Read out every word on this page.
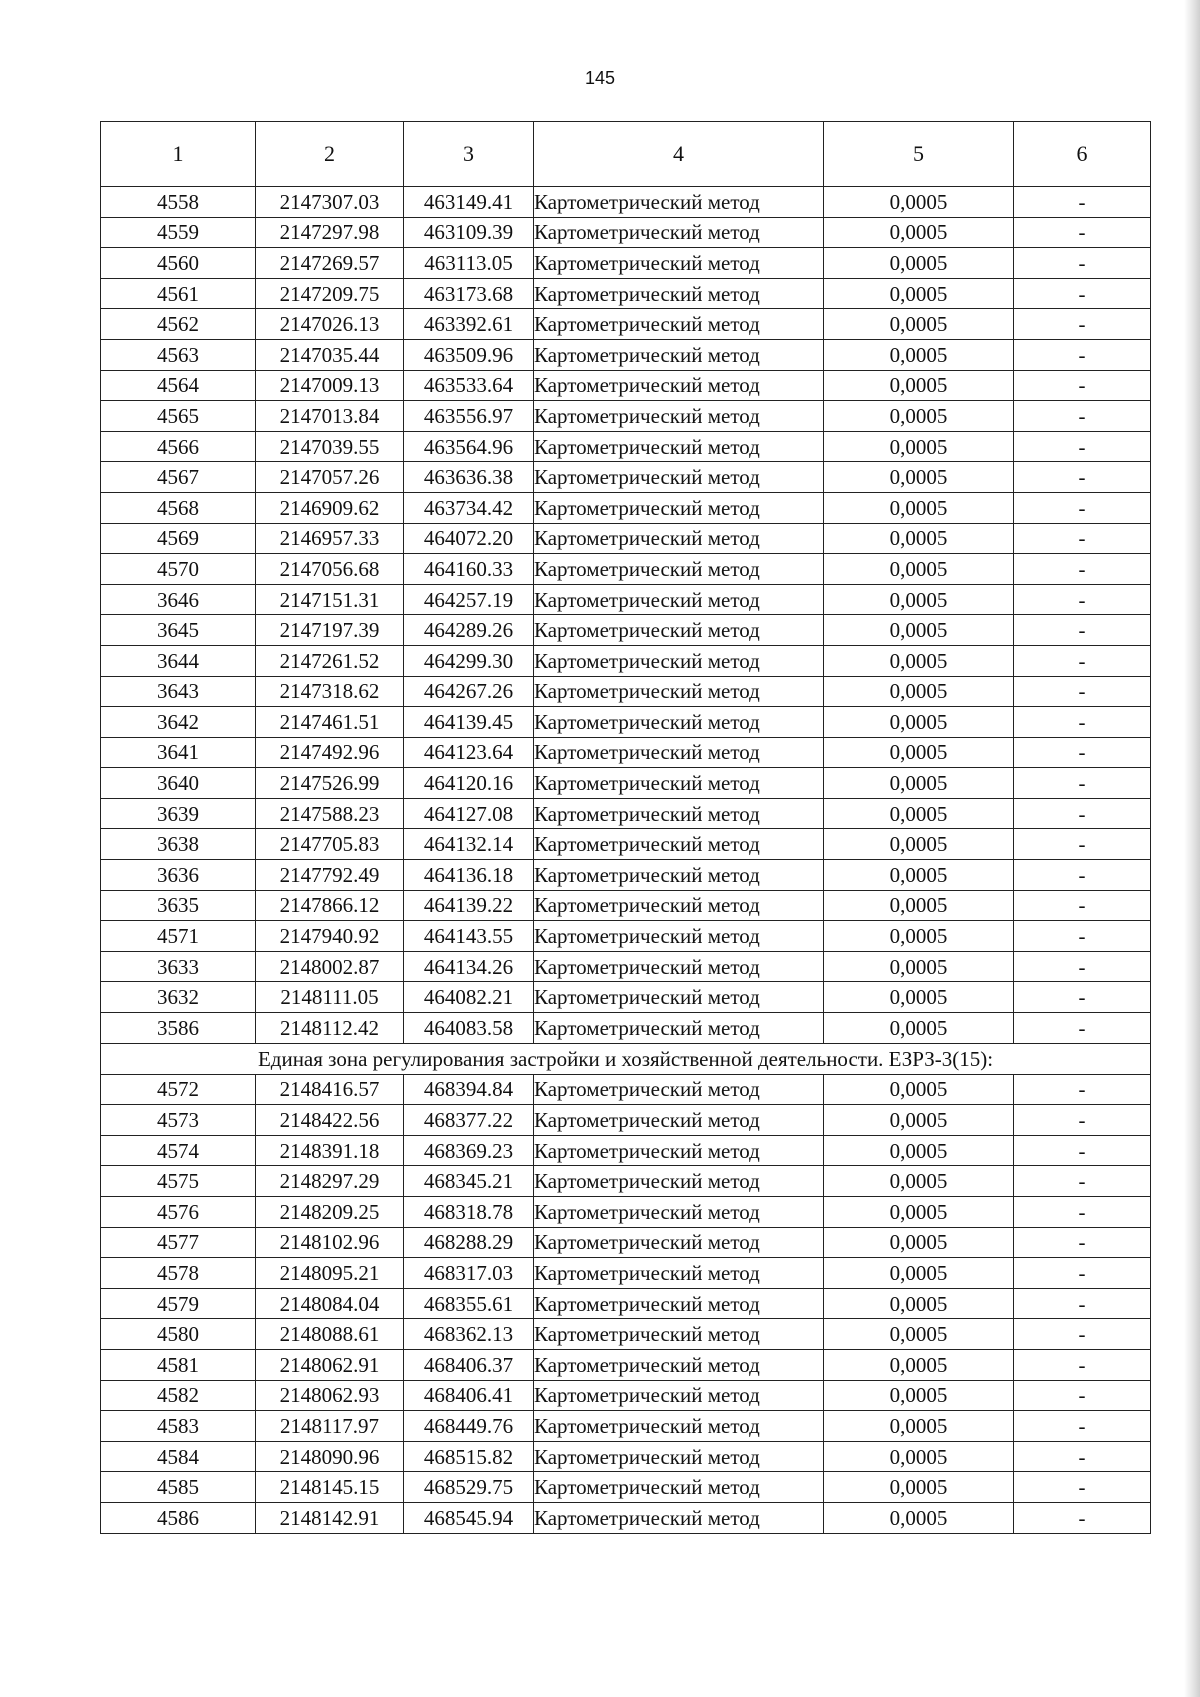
145
1	2	3	4	5	6
4558	2147307.03	463149.41	Картометрический метод	0,0005	-
4559	2147297.98	463109.39	Картометрический метод	0,0005	-
4560	2147269.57	463113.05	Картометрический метод	0,0005	-
4561	2147209.75	463173.68	Картометрический метод	0,0005	-
4562	2147026.13	463392.61	Картометрический метод	0,0005	-
4563	2147035.44	463509.96	Картометрический метод	0,0005	-
4564	2147009.13	463533.64	Картометрический метод	0,0005	-
4565	2147013.84	463556.97	Картометрический метод	0,0005	-
4566	2147039.55	463564.96	Картометрический метод	0,0005	-
4567	2147057.26	463636.38	Картометрический метод	0,0005	-
4568	2146909.62	463734.42	Картометрический метод	0,0005	-
4569	2146957.33	464072.20	Картометрический метод	0,0005	-
4570	2147056.68	464160.33	Картометрический метод	0,0005	-
3646	2147151.31	464257.19	Картометрический метод	0,0005	-
3645	2147197.39	464289.26	Картометрический метод	0,0005	-
3644	2147261.52	464299.30	Картометрический метод	0,0005	-
3643	2147318.62	464267.26	Картометрический метод	0,0005	-
3642	2147461.51	464139.45	Картометрический метод	0,0005	-
3641	2147492.96	464123.64	Картометрический метод	0,0005	-
3640	2147526.99	464120.16	Картометрический метод	0,0005	-
3639	2147588.23	464127.08	Картометрический метод	0,0005	-
3638	2147705.83	464132.14	Картометрический метод	0,0005	-
3636	2147792.49	464136.18	Картометрический метод	0,0005	-
3635	2147866.12	464139.22	Картометрический метод	0,0005	-
4571	2147940.92	464143.55	Картометрический метод	0,0005	-
3633	2148002.87	464134.26	Картометрический метод	0,0005	-
3632	2148111.05	464082.21	Картометрический метод	0,0005	-
3586	2148112.42	464083.58	Картометрический метод	0,0005	-
Единая зона регулирования застройки и хозяйственной деятельности. ЕЗРЗ-3(15):					
4572	2148416.57	468394.84	Картометрический метод	0,0005	-
4573	2148422.56	468377.22	Картометрический метод	0,0005	-
4574	2148391.18	468369.23	Картометрический метод	0,0005	-
4575	2148297.29	468345.21	Картометрический метод	0,0005	-
4576	2148209.25	468318.78	Картометрический метод	0,0005	-
4577	2148102.96	468288.29	Картометрический метод	0,0005	-
4578	2148095.21	468317.03	Картометрический метод	0,0005	-
4579	2148084.04	468355.61	Картометрический метод	0,0005	-
4580	2148088.61	468362.13	Картометрический метод	0,0005	-
4581	2148062.91	468406.37	Картометрический метод	0,0005	-
4582	2148062.93	468406.41	Картометрический метод	0,0005	-
4583	2148117.97	468449.76	Картометрический метод	0,0005	-
4584	2148090.96	468515.82	Картометрический метод	0,0005	-
4585	2148145.15	468529.75	Картометрический метод	0,0005	-
4586	2148142.91	468545.94	Картометрический метод	0,0005	-
